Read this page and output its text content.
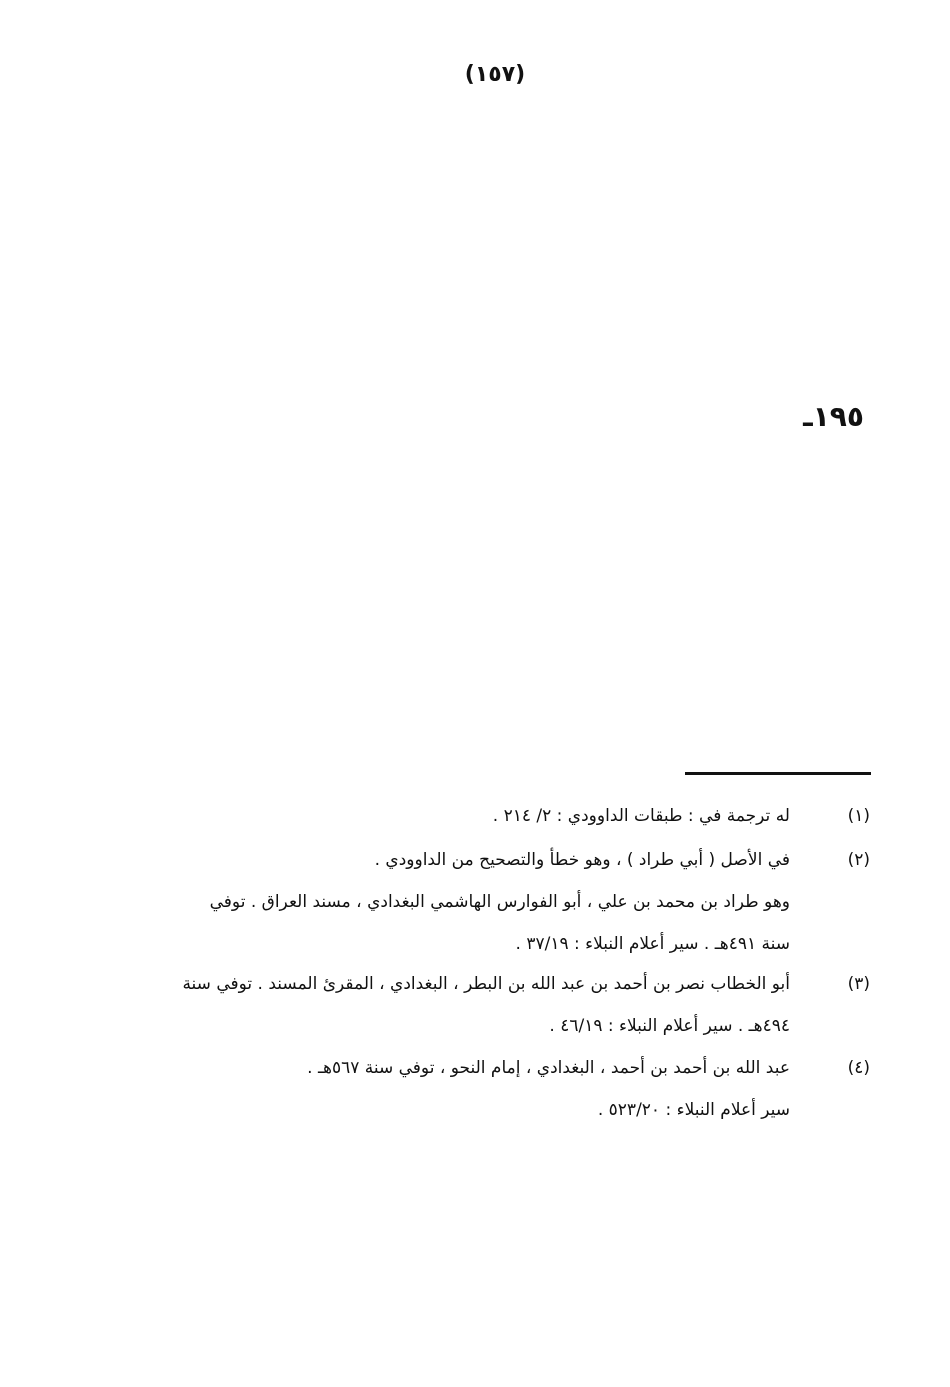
(١٥٧)
١٩٥ـ
(١)
له ترجمة في : طبقات الداوودي : ٢/ ٢١٤ .
(٢)
في الأصل ( أبي طراد ) ، وهو خطأ والتصحيح من الداوودي .
وهو طراد بن محمد بن علي ، أبو الفوارس الهاشمي البغدادي ، مسند العراق . توفي
سنة ٤٩١هـ . سير أعلام النبلاء : ٣٧/١٩ .
(٣)
أبو الخطاب نصر بن أحمد بن عبد الله بن البطر ، البغدادي ، المقرئ المسند . توفي سنة
٤٩٤هـ . سير أعلام النبلاء : ٤٦/١٩ .
(٤)
عبد الله بن أحمد بن أحمد ، البغدادي ، إمام النحو ، توفي سنة ٥٦٧هـ .
سير أعلام النبلاء : ٥٢٣/٢٠ .
